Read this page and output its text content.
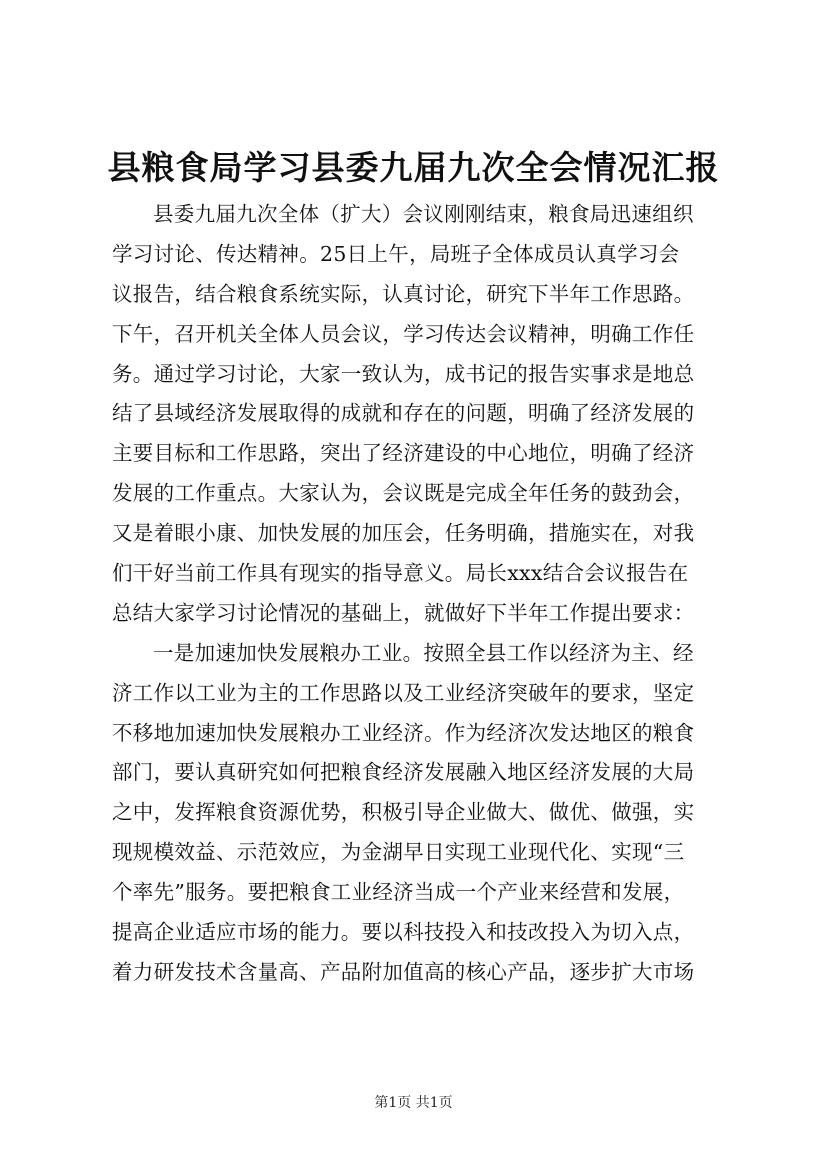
县粮食局学习县委九届九次全会情况汇报
县委九届九次全体（扩大）会议刚刚结束，粮食局迅速组织
学习讨论、传达精神。25日上午，局班子全体成员认真学习会
议报告，结合粮食系统实际，认真讨论，研究下半年工作思路。
下午，召开机关全体人员会议，学习传达会议精神，明确工作任
务。通过学习讨论，大家一致认为，成书记的报告实事求是地总
结了县域经济发展取得的成就和存在的问题，明确了经济发展的
主要目标和工作思路，突出了经济建设的中心地位，明确了经济
发展的工作重点。大家认为，会议既是完成全年任务的鼓劲会，
又是着眼小康、加快发展的加压会，任务明确，措施实在，对我
们干好当前工作具有现实的指导意义。局长xxx结合会议报告在
总结大家学习讨论情况的基础上，就做好下半年工作提出要求：
一是加速加快发展粮办工业。按照全县工作以经济为主、经
济工作以工业为主的工作思路以及工业经济突破年的要求，坚定
不移地加速加快发展粮办工业经济。作为经济次发达地区的粮食
部门，要认真研究如何把粮食经济发展融入地区经济发展的大局
之中，发挥粮食资源优势，积极引导企业做大、做优、做强，实
现规模效益、示范效应，为金湖早日实现工业现代化、实现“三
个率先”服务。要把粮食工业经济当成一个产业来经营和发展，
提高企业适应市场的能力。要以科技投入和技改投入为切入点，
着力研发技术含量高、产品附加值高的核心产品，逐步扩大市场
第1页 共1页
